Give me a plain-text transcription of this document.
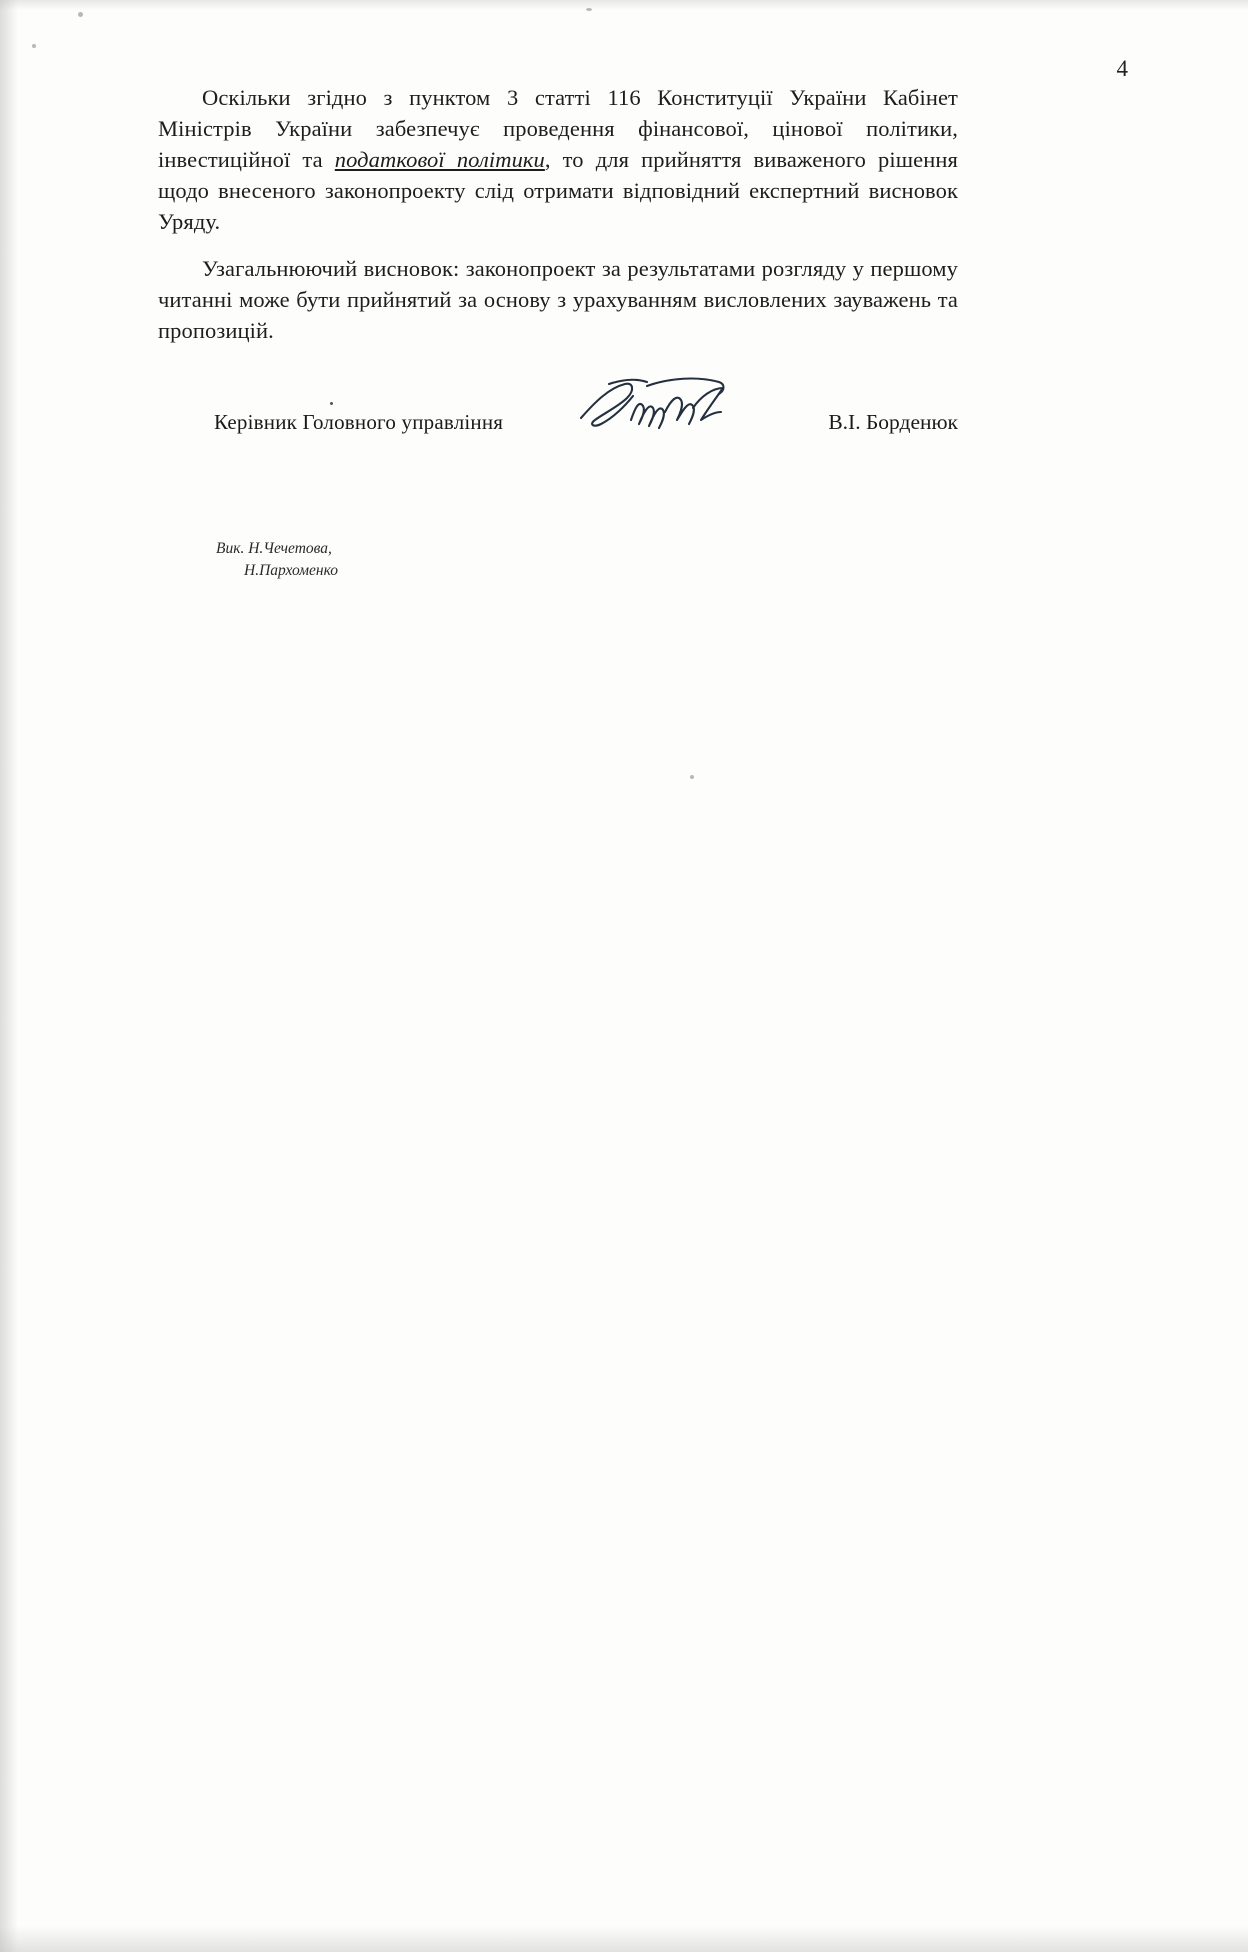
4

Оскільки згідно з пунктом 3 статті 116 Конституції України Кабінет Міністрів України забезпечує проведення фінансової, цінової політики, інвестиційної та податкової політики, то для прийняття виваженого рішення щодо внесеного законопроекту слід отримати відповідний експертний висновок Уряду.

Узагальнюючий висновок: законопроект за результатами розгляду у першому читанні може бути прийнятий за основу з урахуванням висловлених зауважень та пропозицій.

Керівник Головного управління	В.І. Борденюк
Вик. Н.Чечетова,
Н.Пархоменко
